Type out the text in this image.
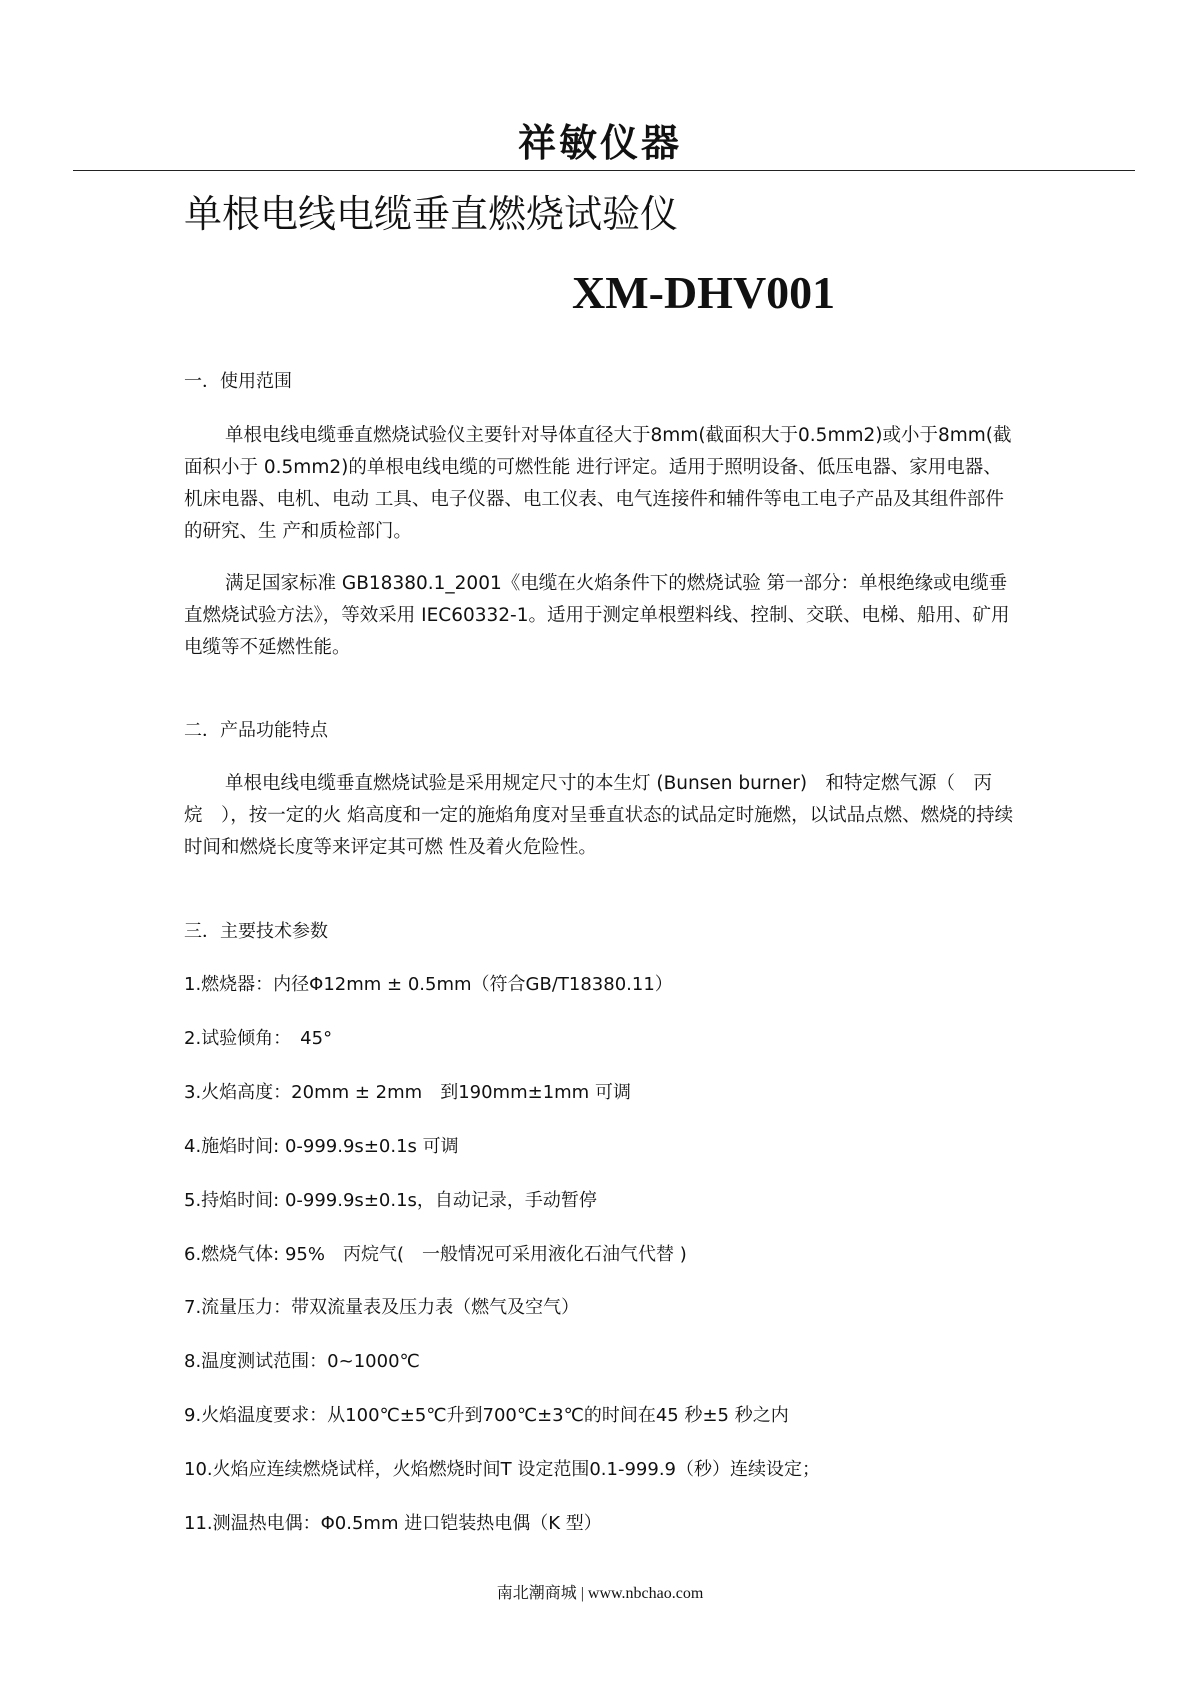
祥敏仪器
单根电线电缆垂直燃烧试验仪
XM-DHV001
一．使用范围
单根电线电缆垂直燃烧试验仪主要针对导体直径大于8mm(截面积大于0.5mm2)或小于8mm(截面积小于 0.5mm2)的单根电线电缆的可燃性能 进行评定。适用于照明设备、低压电器、家用电器、机床电器、电机、电动 工具、电子仪器、电工仪表、电气连接件和辅件等电工电子产品及其组件部件的研究、生 产和质检部门。
满足国家标准 GB18380.1_2001《电缆在火焰条件下的燃烧试验 第一部分：单根绝缘或电缆垂直燃烧试验方法》，等效采用 IEC60332-1。适用于测定单根塑料线、控制、交联、电梯、船用、矿用电缆等不延燃性能。
二．产品功能特点
单根电线电缆垂直燃烧试验是采用规定尺寸的本生灯 (Bunsen burner)　和特定燃气源（　丙烷　），按一定的火 焰高度和一定的施焰角度对呈垂直状态的试品定时施燃，以试品点燃、燃烧的持续时间和燃烧长度等来评定其可燃 性及着火危险性。
三．主要技术参数
1.燃烧器：内径Φ12mm ± 0.5mm（符合GB/T18380.11）
2.试验倾角：　45°
3.火焰高度：20mm ± 2mm　到190mm±1mm 可调
4.施焰时间: 0-999.9s±0.1s 可调
5.持焰时间: 0-999.9s±0.1s，自动记录，手动暂停
6.燃烧气体: 95%　丙烷气(　一般情况可采用液化石油气代替 )
7.流量压力：带双流量表及压力表（燃气及空气）
8.温度测试范围：0~1000℃
9.火焰温度要求：从100℃±5℃升到700℃±3℃的时间在45 秒±5 秒之内
10.火焰应连续燃烧试样，火焰燃烧时间T 设定范围0.1-999.9（秒）连续设定；
11.测温热电偶：Φ0.5mm 进口铠装热电偶（K 型）
南北潮商城 | www.nbchao.com
